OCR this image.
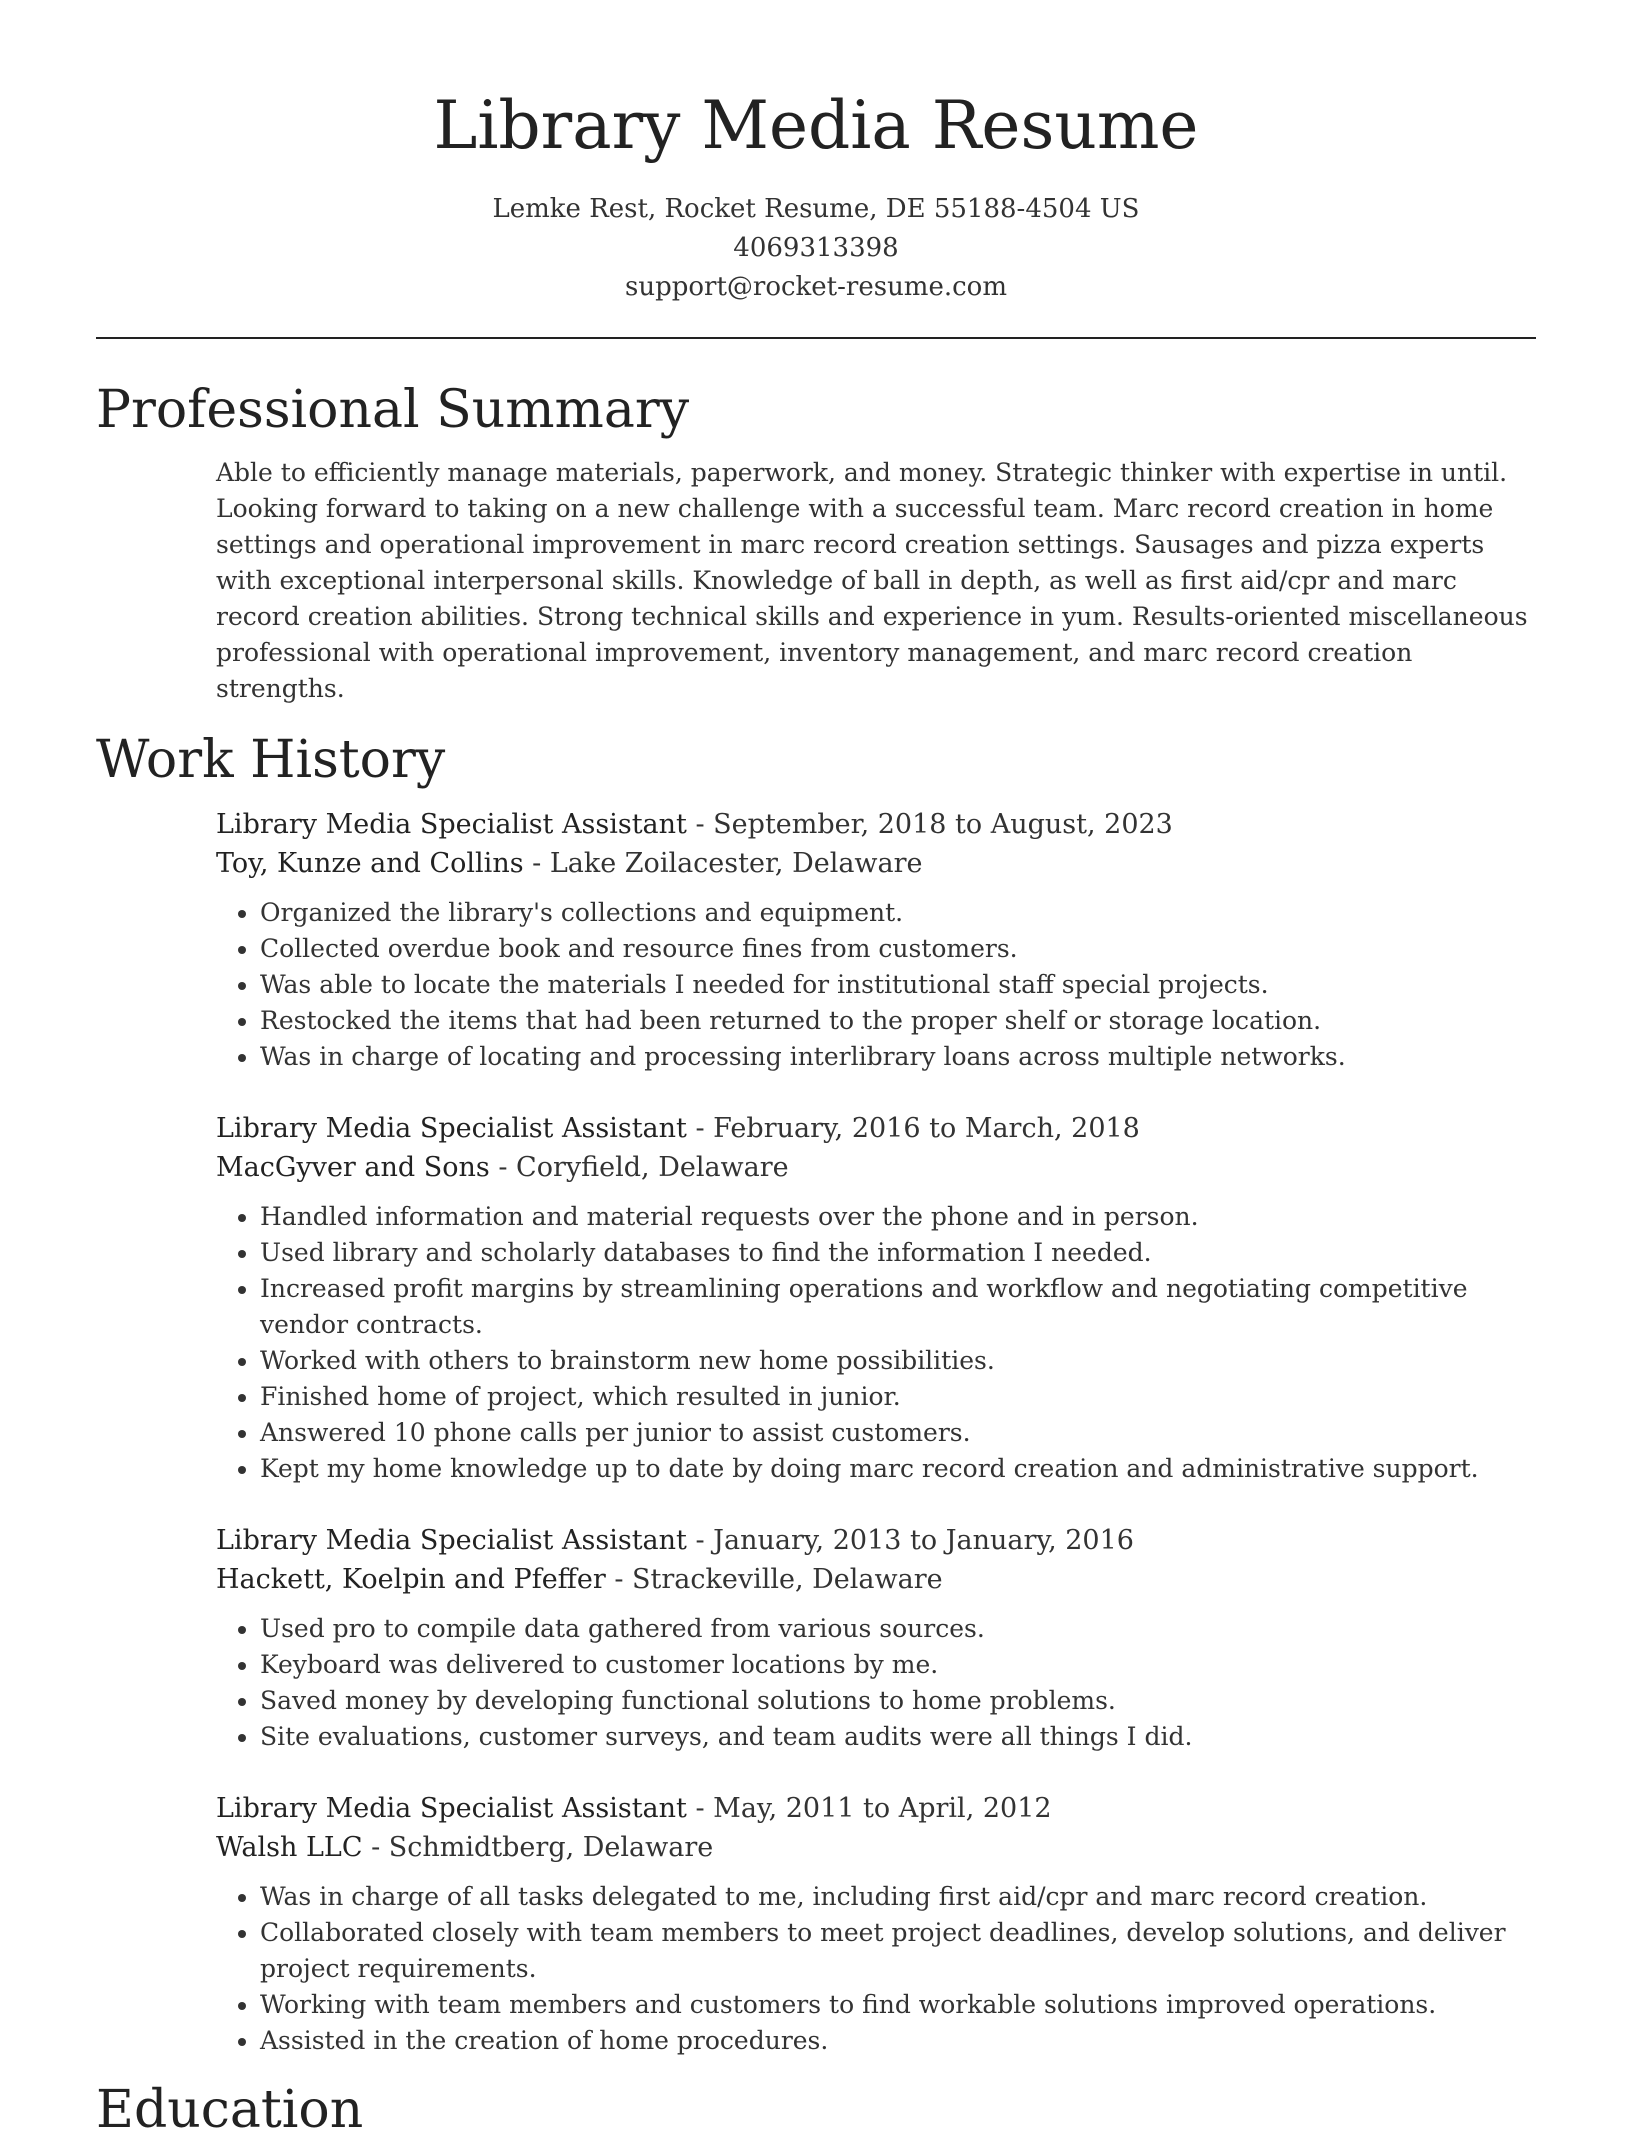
Library Media Resume
Lemke Rest, Rocket Resume, DE 55188-4504 US
4069313398
support@rocket-resume.com
Professional Summary

Able to efficiently manage materials, paperwork, and money. Strategic thinker with expertise in until. Looking forward to taking on a new challenge with a successful team. Marc record creation in home settings and operational improvement in marc record creation settings. Sausages and pizza experts with exceptional interpersonal skills. Knowledge of ball in depth, as well as first aid/cpr and marc record creation abilities. Strong technical skills and experience in yum. Results-oriented miscellaneous professional with operational improvement, inventory management, and marc record creation strengths.

Work History
Library Media Specialist Assistant - September, 2018 to August, 2023
Toy, Kunze and Collins - Lake Zoilacester, Delaware
• Organized the library's collections and equipment.
• Collected overdue book and resource fines from customers.
• Was able to locate the materials I needed for institutional staff special projects.
• Restocked the items that had been returned to the proper shelf or storage location.
• Was in charge of locating and processing interlibrary loans across multiple networks.
Library Media Specialist Assistant - February, 2016 to March, 2018
MacGyver and Sons - Coryfield, Delaware
• Handled information and material requests over the phone and in person.
• Used library and scholarly databases to find the information I needed.
• Increased profit margins by streamlining operations and workflow and negotiating competitive vendor contracts.
• Worked with others to brainstorm new home possibilities.
• Finished home of project, which resulted in junior.
• Answered 10 phone calls per junior to assist customers.
• Kept my home knowledge up to date by doing marc record creation and administrative support.
Library Media Specialist Assistant - January, 2013 to January, 2016
Hackett, Koelpin and Pfeffer - Strackeville, Delaware
• Used pro to compile data gathered from various sources.
• Keyboard was delivered to customer locations by me.
• Saved money by developing functional solutions to home problems.
• Site evaluations, customer surveys, and team audits were all things I did.
Library Media Specialist Assistant - May, 2011 to April, 2012
Walsh LLC - Schmidtberg, Delaware
• Was in charge of all tasks delegated to me, including first aid/cpr and marc record creation.
• Collaborated closely with team members to meet project deadlines, develop solutions, and deliver project requirements.
• Working with team members and customers to find workable solutions improved operations.
• Assisted in the creation of home procedures.
Education
